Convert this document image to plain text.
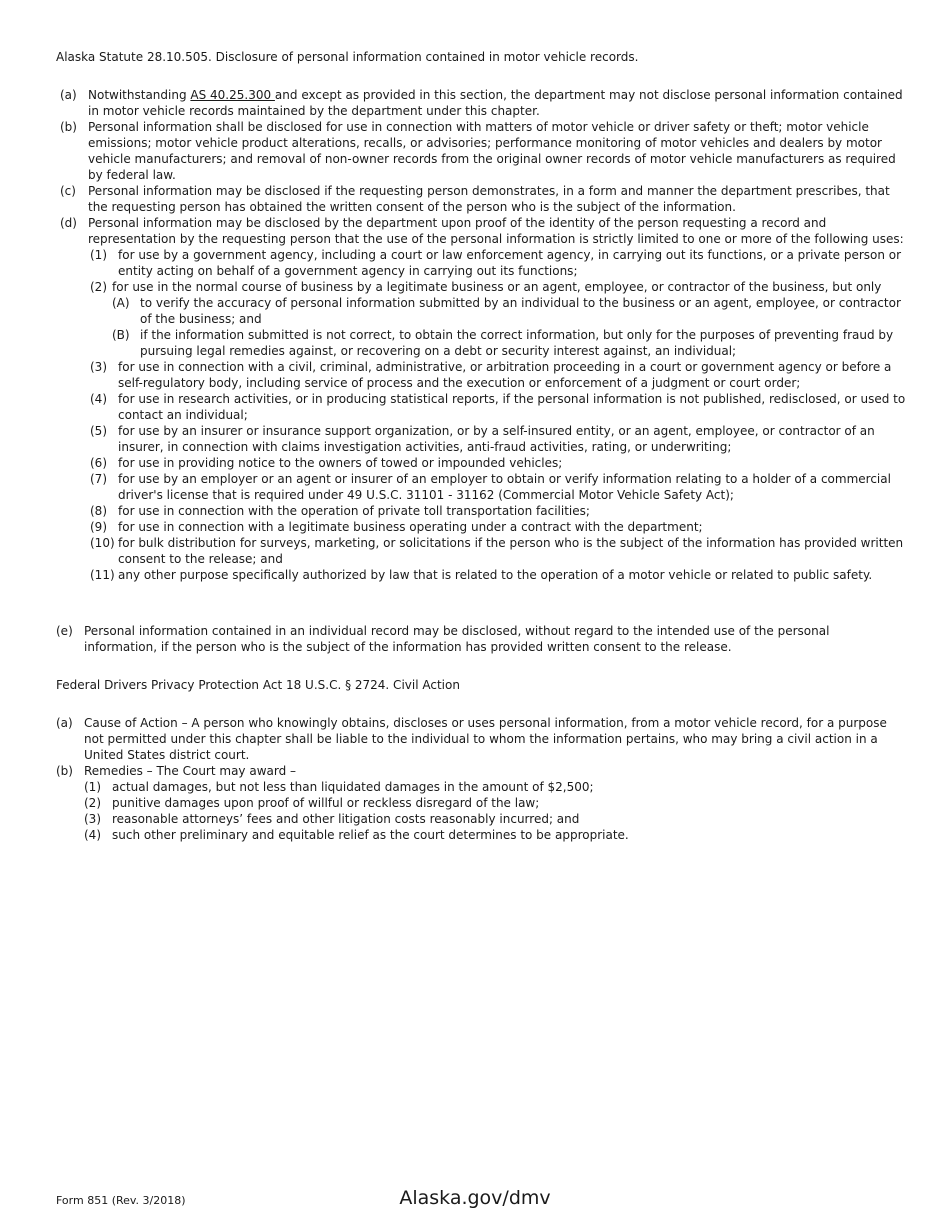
Alaska Statute 28.10.505. Disclosure of personal information contained in motor vehicle records.
(a) Notwithstanding AS 40.25.300 and except as provided in this section, the department may not disclose personal information contained in motor vehicle records maintained by the department under this chapter.
(b) Personal information shall be disclosed for use in connection with matters of motor vehicle or driver safety or theft; motor vehicle emissions; motor vehicle product alterations, recalls, or advisories; performance monitoring of motor vehicles and dealers by motor vehicle manufacturers; and removal of non-owner records from the original owner records of motor vehicle manufacturers as required by federal law.
(c)	Personal information may be disclosed if the requesting person demonstrates, in a form and manner the department prescribes, that the requesting person has obtained the written consent of the person who is the subject of the information.
(d) Personal information may be disclosed by the department upon proof of the identity of the person requesting a record and representation by the requesting person that the use of the personal information is strictly limited to one or more of the following uses:
(1) for use by a government agency, including a court or law enforcement agency, in carrying out its functions, or a private person or entity acting on behalf of a government agency in carrying out its functions;
(2) for use in the normal course of business by a legitimate business or an agent, employee, or contractor of the business, but only
(A) to verify the accuracy of personal information submitted by an individual to the business or an agent, employee, or contractor of the business; and
(B) if the information submitted is not correct, to obtain the correct information, but only for the purposes of preventing fraud by pursuing legal remedies against, or recovering on a debt or security interest against, an individual;
(3) for use in connection with a civil, criminal, administrative, or arbitration proceeding in a court or government agency or before a self-regulatory body, including service of process and the execution or enforcement of a judgment or court order;
(4) for use in research activities, or in producing statistical reports, if the personal information is not published, redisclosed, or used to contact an individual;
(5) for use by an insurer or insurance support organization, or by a self-insured entity, or an agent, employee, or contractor of an insurer, in connection with claims investigation activities, anti-fraud activities, rating, or underwriting;
(6) for use in providing notice to the owners of towed or impounded vehicles;
(7) for use by an employer or an agent or insurer of an employer to obtain or verify information relating to a holder of a commercial driver's license that is required under 49 U.S.C. 31101 - 31162 (Commercial Motor Vehicle Safety Act);
(8) for use in connection with the operation of private toll transportation facilities;
(9) for use in connection with a legitimate business operating under a contract with the department;
(10) for bulk distribution for surveys, marketing, or solicitations if the person who is the subject of the information has provided written consent to the release; and
(11) any other purpose specifically authorized by law that is related to the operation of a motor vehicle or related to public safety.
(e) Personal information contained in an individual record may be disclosed, without regard to the intended use of the personal information, if the person who is the subject of the information has provided written consent to the release.
Federal Drivers Privacy Protection Act 18 U.S.C. § 2724. Civil Action
(a) Cause of Action – A person who knowingly obtains, discloses or uses personal information, from a motor vehicle record, for a purpose not permitted under this chapter shall be liable to the individual to whom the information pertains, who may bring a civil action in a United States district court.
(b) Remedies – The Court may award –
(1) actual damages, but not less than liquidated damages in the amount of $2,500;
(2) punitive damages upon proof of willful or reckless disregard of the law;
(3) reasonable attorneys’ fees and other litigation costs reasonably incurred; and
(4) such other preliminary and equitable relief as the court determines to be appropriate.
Form 851 (Rev. 3/2018)	Alaska.gov/dmv
